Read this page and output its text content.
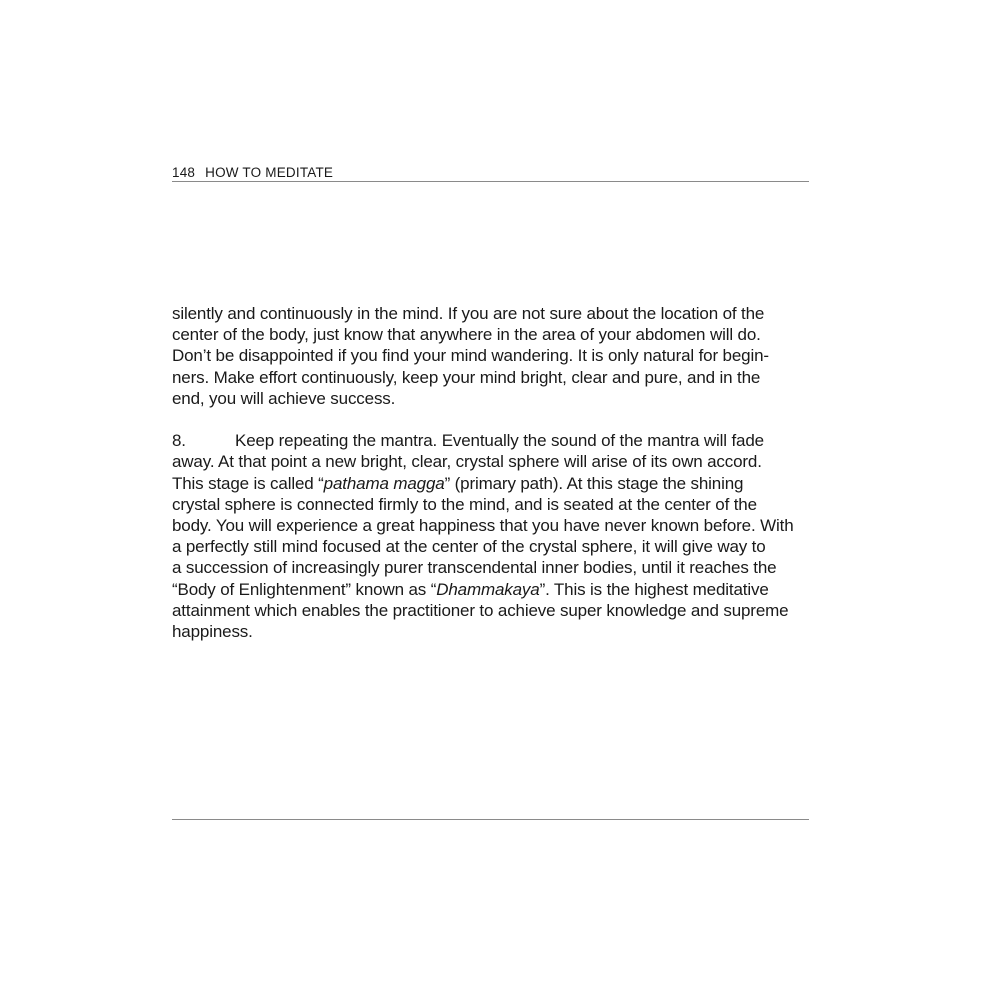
148 HOW TO MEDITATE
silently and continuously in the mind. If you are not sure about the location of the
center of the body, just know that anywhere in the area of your abdomen will do.
Don’t be disappointed if you find your mind wandering. It is only natural for begin-
ners. Make effort continuously, keep your mind bright, clear and pure, and in the
end, you will achieve success.
8.	Keep repeating the mantra. Eventually the sound of the mantra will fade
away. At that point a new bright, clear, crystal sphere will arise of its own accord.
This stage is called “pathama magga” (primary path). At this stage the shining
crystal sphere is connected firmly to the mind, and is seated at the center of the
body. You will experience a great happiness that you have never known before. With
a perfectly still mind focused at the center of the crystal sphere, it will give way to
a succession of increasingly purer transcendental inner bodies, until it reaches the
“Body of Enlightenment” known as “Dhammakaya”. This is the highest meditative
attainment which enables the practitioner to achieve super knowledge and supreme
happiness.
